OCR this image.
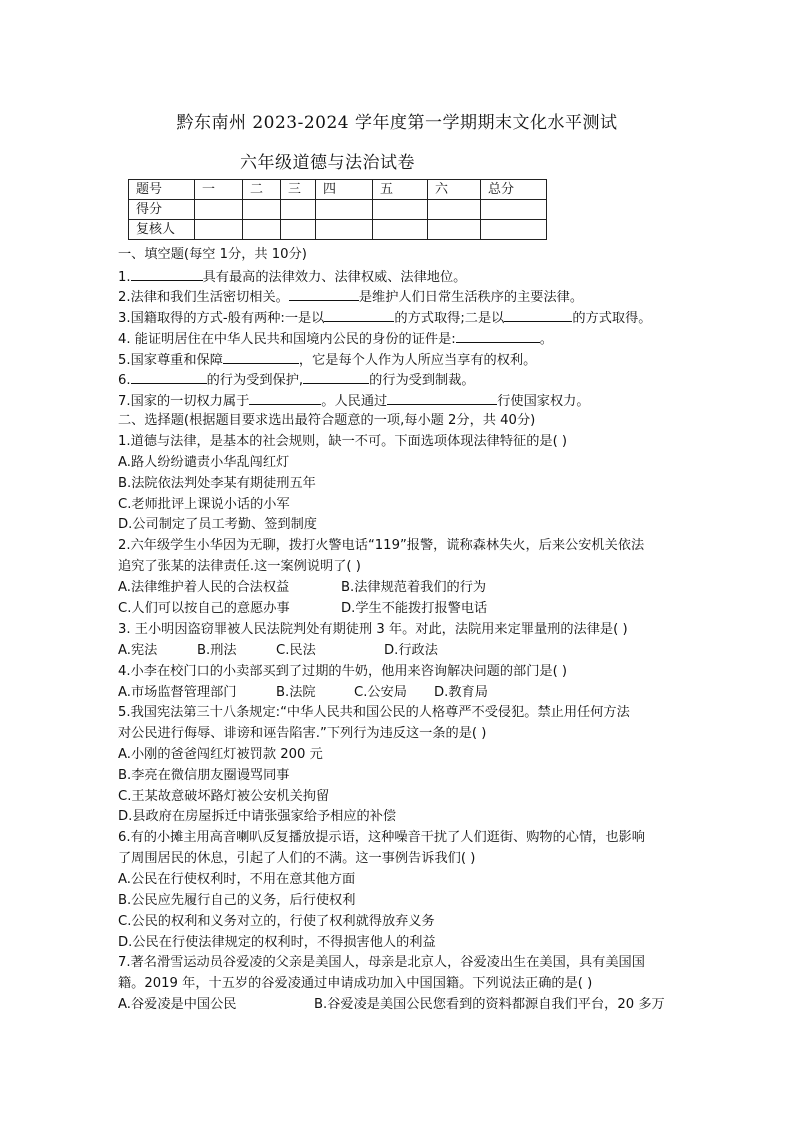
黔东南州 2023-2024 学年度第一学期期末文化水平测试
六年级道德与法治试卷
题号	一	二	三	四	五	六	总分
得分							
复核人							
一、填空题(每空 1分，共 10分)
1.	具有最高的法律效力、法律权威、法律地位。
2.法律和我们生活密切相关。	是维护人们日常生活秩序的主要法律。
3.国籍取得的方式-般有两种:一是以	的方式取得;二是以	的方式取得。
4. 能证明居住在中华人民共和国境内公民的身份的证件是:	。
5.国家尊重和保障	，它是每个人作为人所应当享有的权利。
6.	的行为受到保护,	的行为受到制裁。
7.国家的一切权力属于	。人民通过	行使国家权力。
二、选择题(根据题目要求选出最符合题意的一项,每小题 2分，共 40分)
1.道德与法律，是基本的社会规则，缺一不可。下面选项体现法律特征的是( )
A.路人纷纷谴责小华乱闯红灯
B.法院依法判处李某有期徒刑五年
C.老师批评上课说小话的小军
D.公司制定了员工考勤、签到制度
2.六年级学生小华因为无聊，拨打火警电话“119”报警，谎称森林失火，后来公安机关依法
追究了张某的法律责任.这一案例说明了( )
A.法律维护着人民的合法权益	B.法律规范着我们的行为
C.人们可以按自己的意愿办事	D.学生不能拨打报警电话
3. 王小明因盗窃罪被人民法院判处有期徒刑 3 年。对此，法院用来定罪量刑的法律是( )
A.宪法	B.刑法	C.民法	D.行政法
4.小李在校门口的小卖部买到了过期的牛奶，他用来咨询解决问题的部门是( )
A.市场监督管理部门	B.法院	C.公安局 D.教育局
5.我国宪法第三十八条规定:“中华人民共和国公民的人格尊严不受侵犯。禁止用任何方法
对公民进行侮辱、诽谤和诬告陷害.”下列行为违反这一条的是( )
A.小刚的爸爸闯红灯被罚款 200 元
B.李亮在微信朋友圈谩骂同事
C.王某故意破坏路灯被公安机关拘留
D.县政府在房屋拆迁中请张强家给予相应的补偿
6.有的小摊主用高音喇叭反复播放提示语，这种噪音干扰了人们逛街、购物的心情，也影响
了周围居民的休息，引起了人们的不满。这一事例告诉我们( )
A.公民在行使权利时，不用在意其他方面
B.公民应先履行自己的义务，后行使权利
C.公民的权利和义务对立的，行使了权利就得放弃义务
D.公民在行使法律规定的权利时，不得损害他人的利益
7.著名滑雪运动员谷爱凌的父亲是美国人，母亲是北京人，谷爱凌出生在美国，具有美国国
籍。2019 年，十五岁的谷爱凌通过申请成功加入中国国籍。下列说法正确的是( )
A.谷爱凌是中国公民	B.谷爱凌是美国公民您看到的资料都源自我们平台，20 多万
